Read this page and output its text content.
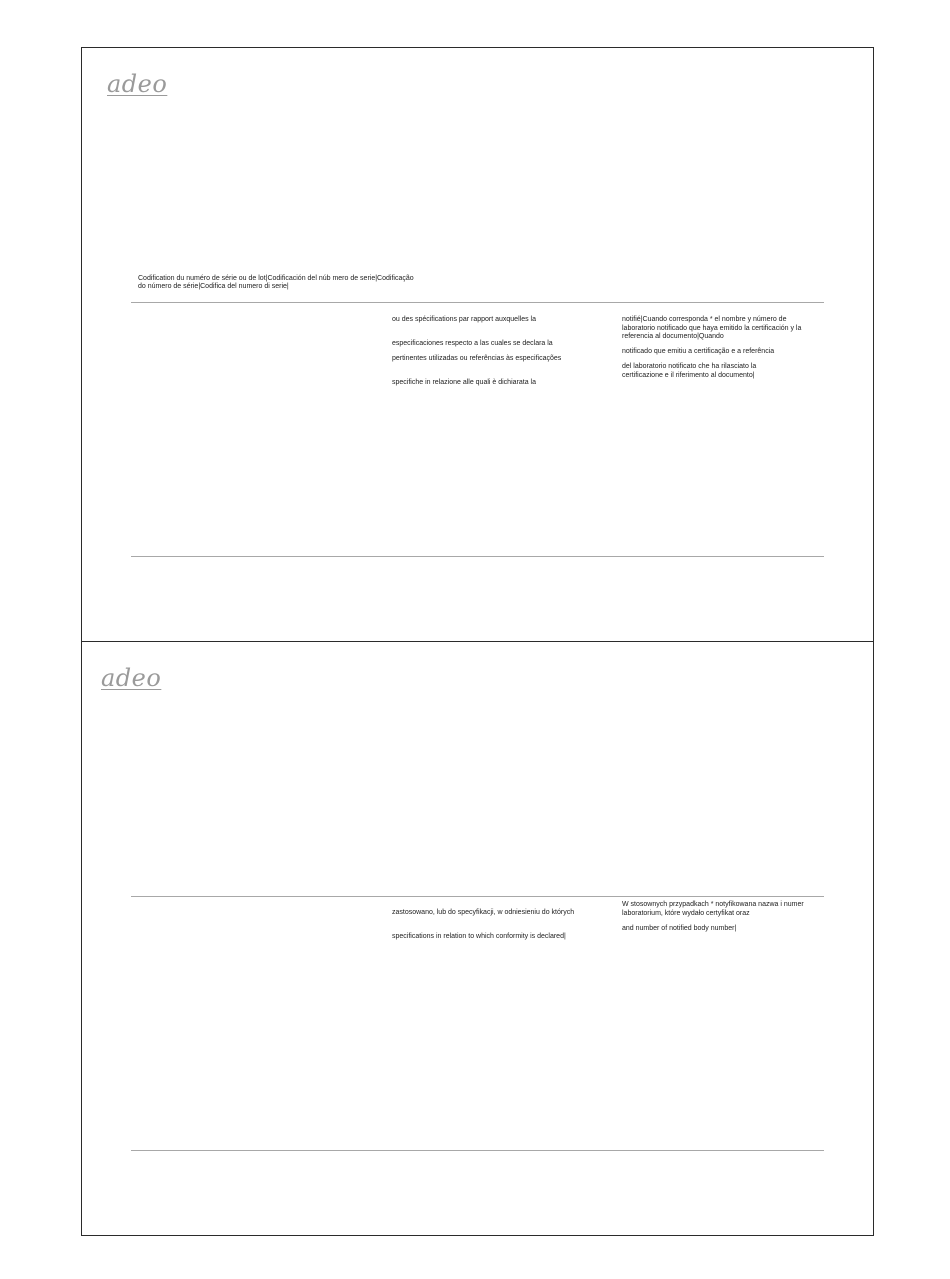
adeo
Codification du numéro de série ou de lot|Codificación del núb mero de serie|Codificação
do número de série|Codifica del numero di serie|
ou des spécifications par rapport auxquelles la
especificaciones respecto a las cuales se declara la
pertinentes utilizadas ou referências às especificações
specifiche in relazione alle quali è dichiarata la
notifié|Cuando corresponda * el nombre y número de laboratorio notificado que haya emitido la certificación y la referencia al documento|Quando
notificado que emitiu a certificação e a referência
del laboratorio notificato che ha rilasciato la certificazione e il riferimento al documento|
adeo
zastosowano, lub do specyfikacji, w odniesieniu do których
specifications in relation to which conformity is declared|
W stosownych przypadkach * notyfikowana nazwa i numer laboratorium, które wydało certyfikat oraz
and number of notified body number|
